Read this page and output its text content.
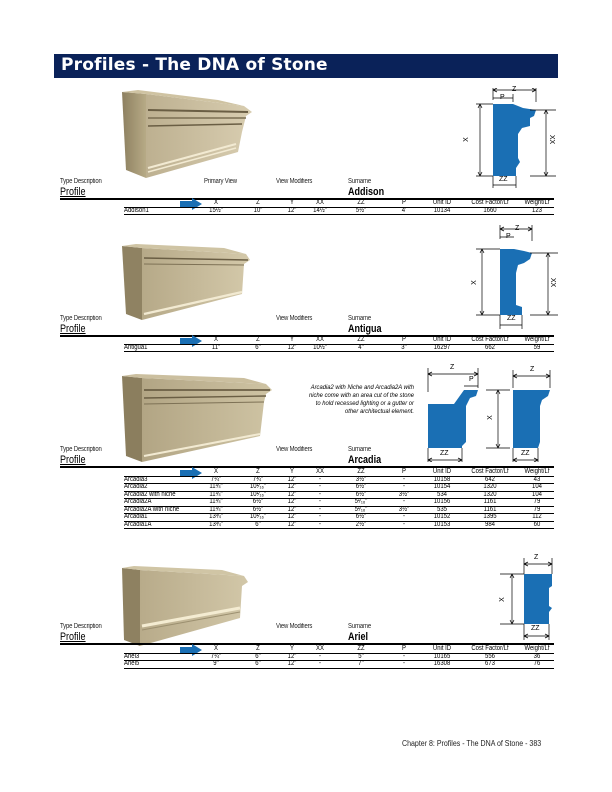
Profiles - The DNA of Stone
Z
P
X	XX
ZZ
Type Description
Profile
Primary View	View Modifiers	Surname
Addison
X	Z	Y	XX	ZZ	P	Unit ID	Cost Factor/Lf	Weight/Lf
Addison1	15½"	10"	12"	14½"	5½"	4'	10134	1660	123
Z
P
X	XX
ZZ
Type Description
Profile
View Modifiers	Surname
Antigua
X	Z	Y	XX	ZZ	P	Unit ID	Cost Factor/Lf	Weight/Lf
Antigua1	11"	6"	12"	10½"	4"	3"	16297	662	59
Arcadia2 with Niche and Arcadia2A with niche come with an area cut of the stone to hold recessed lighting or a gutter or other architectual element.
Z
P
X
ZZ
Z
ZZ
Type Description
Profile
View Modifiers	Surname
Arcadia
X	Z	Y	XX	ZZ	P	Unit ID	Cost Factor/Lf	Weight/Lf
Arcadia3	7¼"	7¾"	12"	-	3½"	-	10158	642	43
Arcadia2	11¾"	10¹⁄₁₆"	12"	-	6½"	-	10154	1320	104
Arcadia2 with niche	11¾"	10¹⁄₁₆"	12"	-	6½"	3½"	534	1320	104
Arcadia2A	11¾"	6½"	12"	-	5¹⁄₁₆"	-	10156	1161	79
Arcadia2A with niche	11¾"	6½"	12"	-	5¹⁄₁₆"	3½"	535	1161	79
Arcadia1	13¾"	10¹⁄₁₆"	12"	-	6½"	-	10152	1395	112
Arcadia1A	13¾"	6"	12"	-	2½"	-	10153	984	60
Z
X
ZZ
Type Description
Profile
View Modifiers	Surname
Ariel
X	Z	Y	XX	ZZ	P	Unit ID	Cost Factor/Lf	Weight/Lf
Ariel3	7¼"	6"	12"	-	5"	-	10165	556	36
Ariel5	9"	6"	12"	-	7"	-	16308	673	76
Chapter 8: Profiles - The DNA of Stone - 383
